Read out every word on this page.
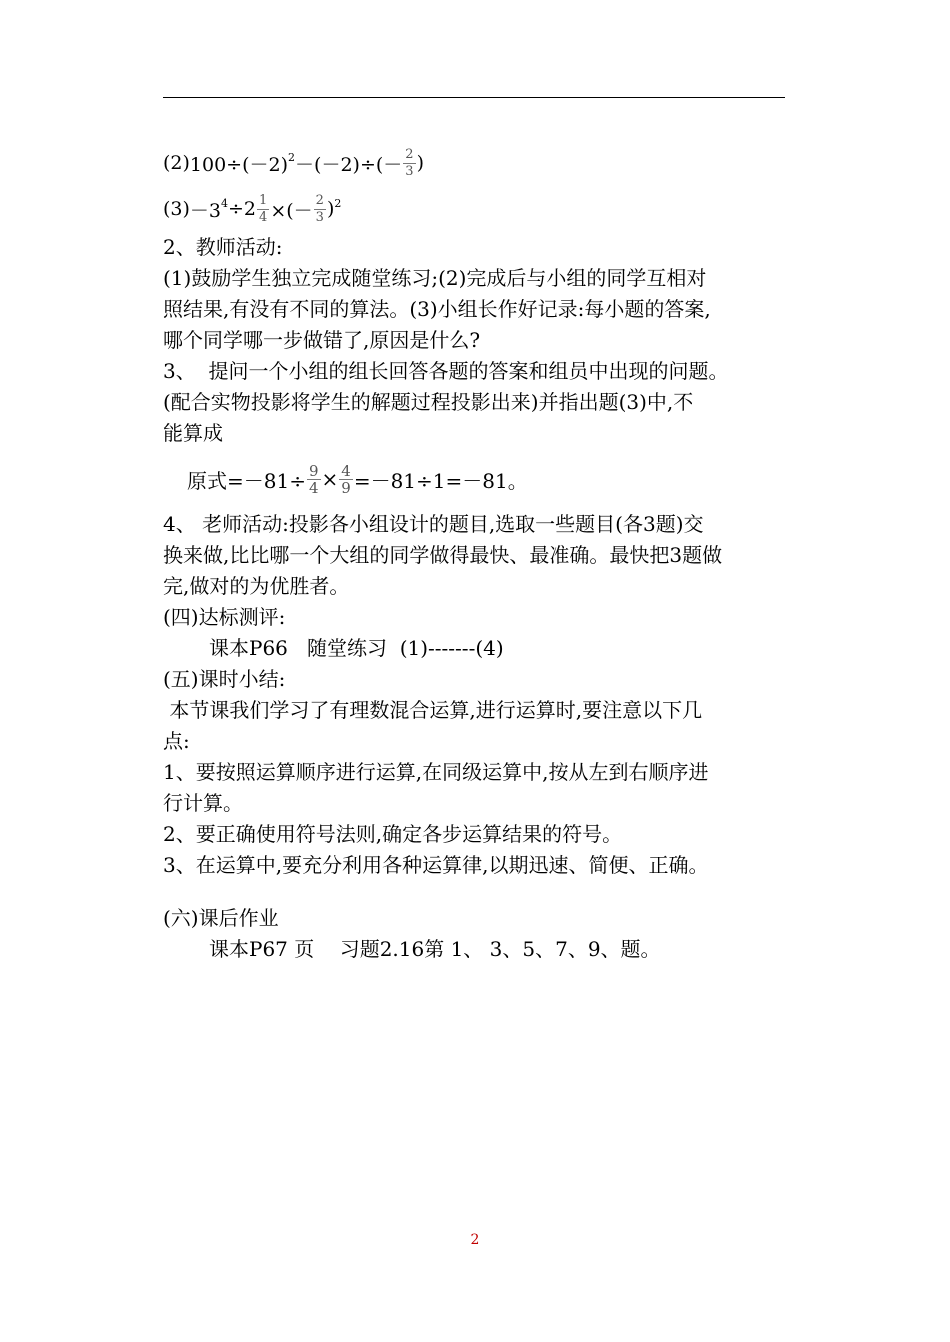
(2) $100\div(-2)^2 -(-2)\div(- \frac{2}{3}$ )
$(3) -3^4 \div 2 \frac{1}{4}$ ×(－ $\frac{2}{3} )^2$

2、教师活动:

(1)鼓励学生独立完成随堂练习;(2)完成后与小组的同学互相对

照结果,有没有不同的算法。(3)小组长作好记录:每小题的答案,

哪个同学哪一步做错了,原因是什么?

3、  提问一个小组的组长回答各题的答案和组员中出现的问题。

(配合实物投影将学生的解题过程投影出来)并指出题(3)中,不

能算成

原式$=-81\div \frac{9}{4} \times \frac{4}{9} =-81\div 1=-81$。

4、 老师活动:投影各小组设计的题目,选取一些题目(各3题)交

换来做,比比哪一个大组的同学做得最快、最准确。最快把3题做

完,做对的为优胜者。

(四)达标测评:

课本P66   随堂练习  (1)-------(4)

(五)课时小结:

本节课我们学习了有理数混合运算,进行运算时,要注意以下几

点:

1、要按照运算顺序进行运算,在同级运算中,按从左到右顺序进

行计算。

2、要正确使用符号法则,确定各步运算结果的符号。

3、在运算中,要充分利用各种运算律,以期迅速、简便、正确。

(六)课后作业

课本P67 页    习题2.16第 1、 3、5、7、9、题。

2
